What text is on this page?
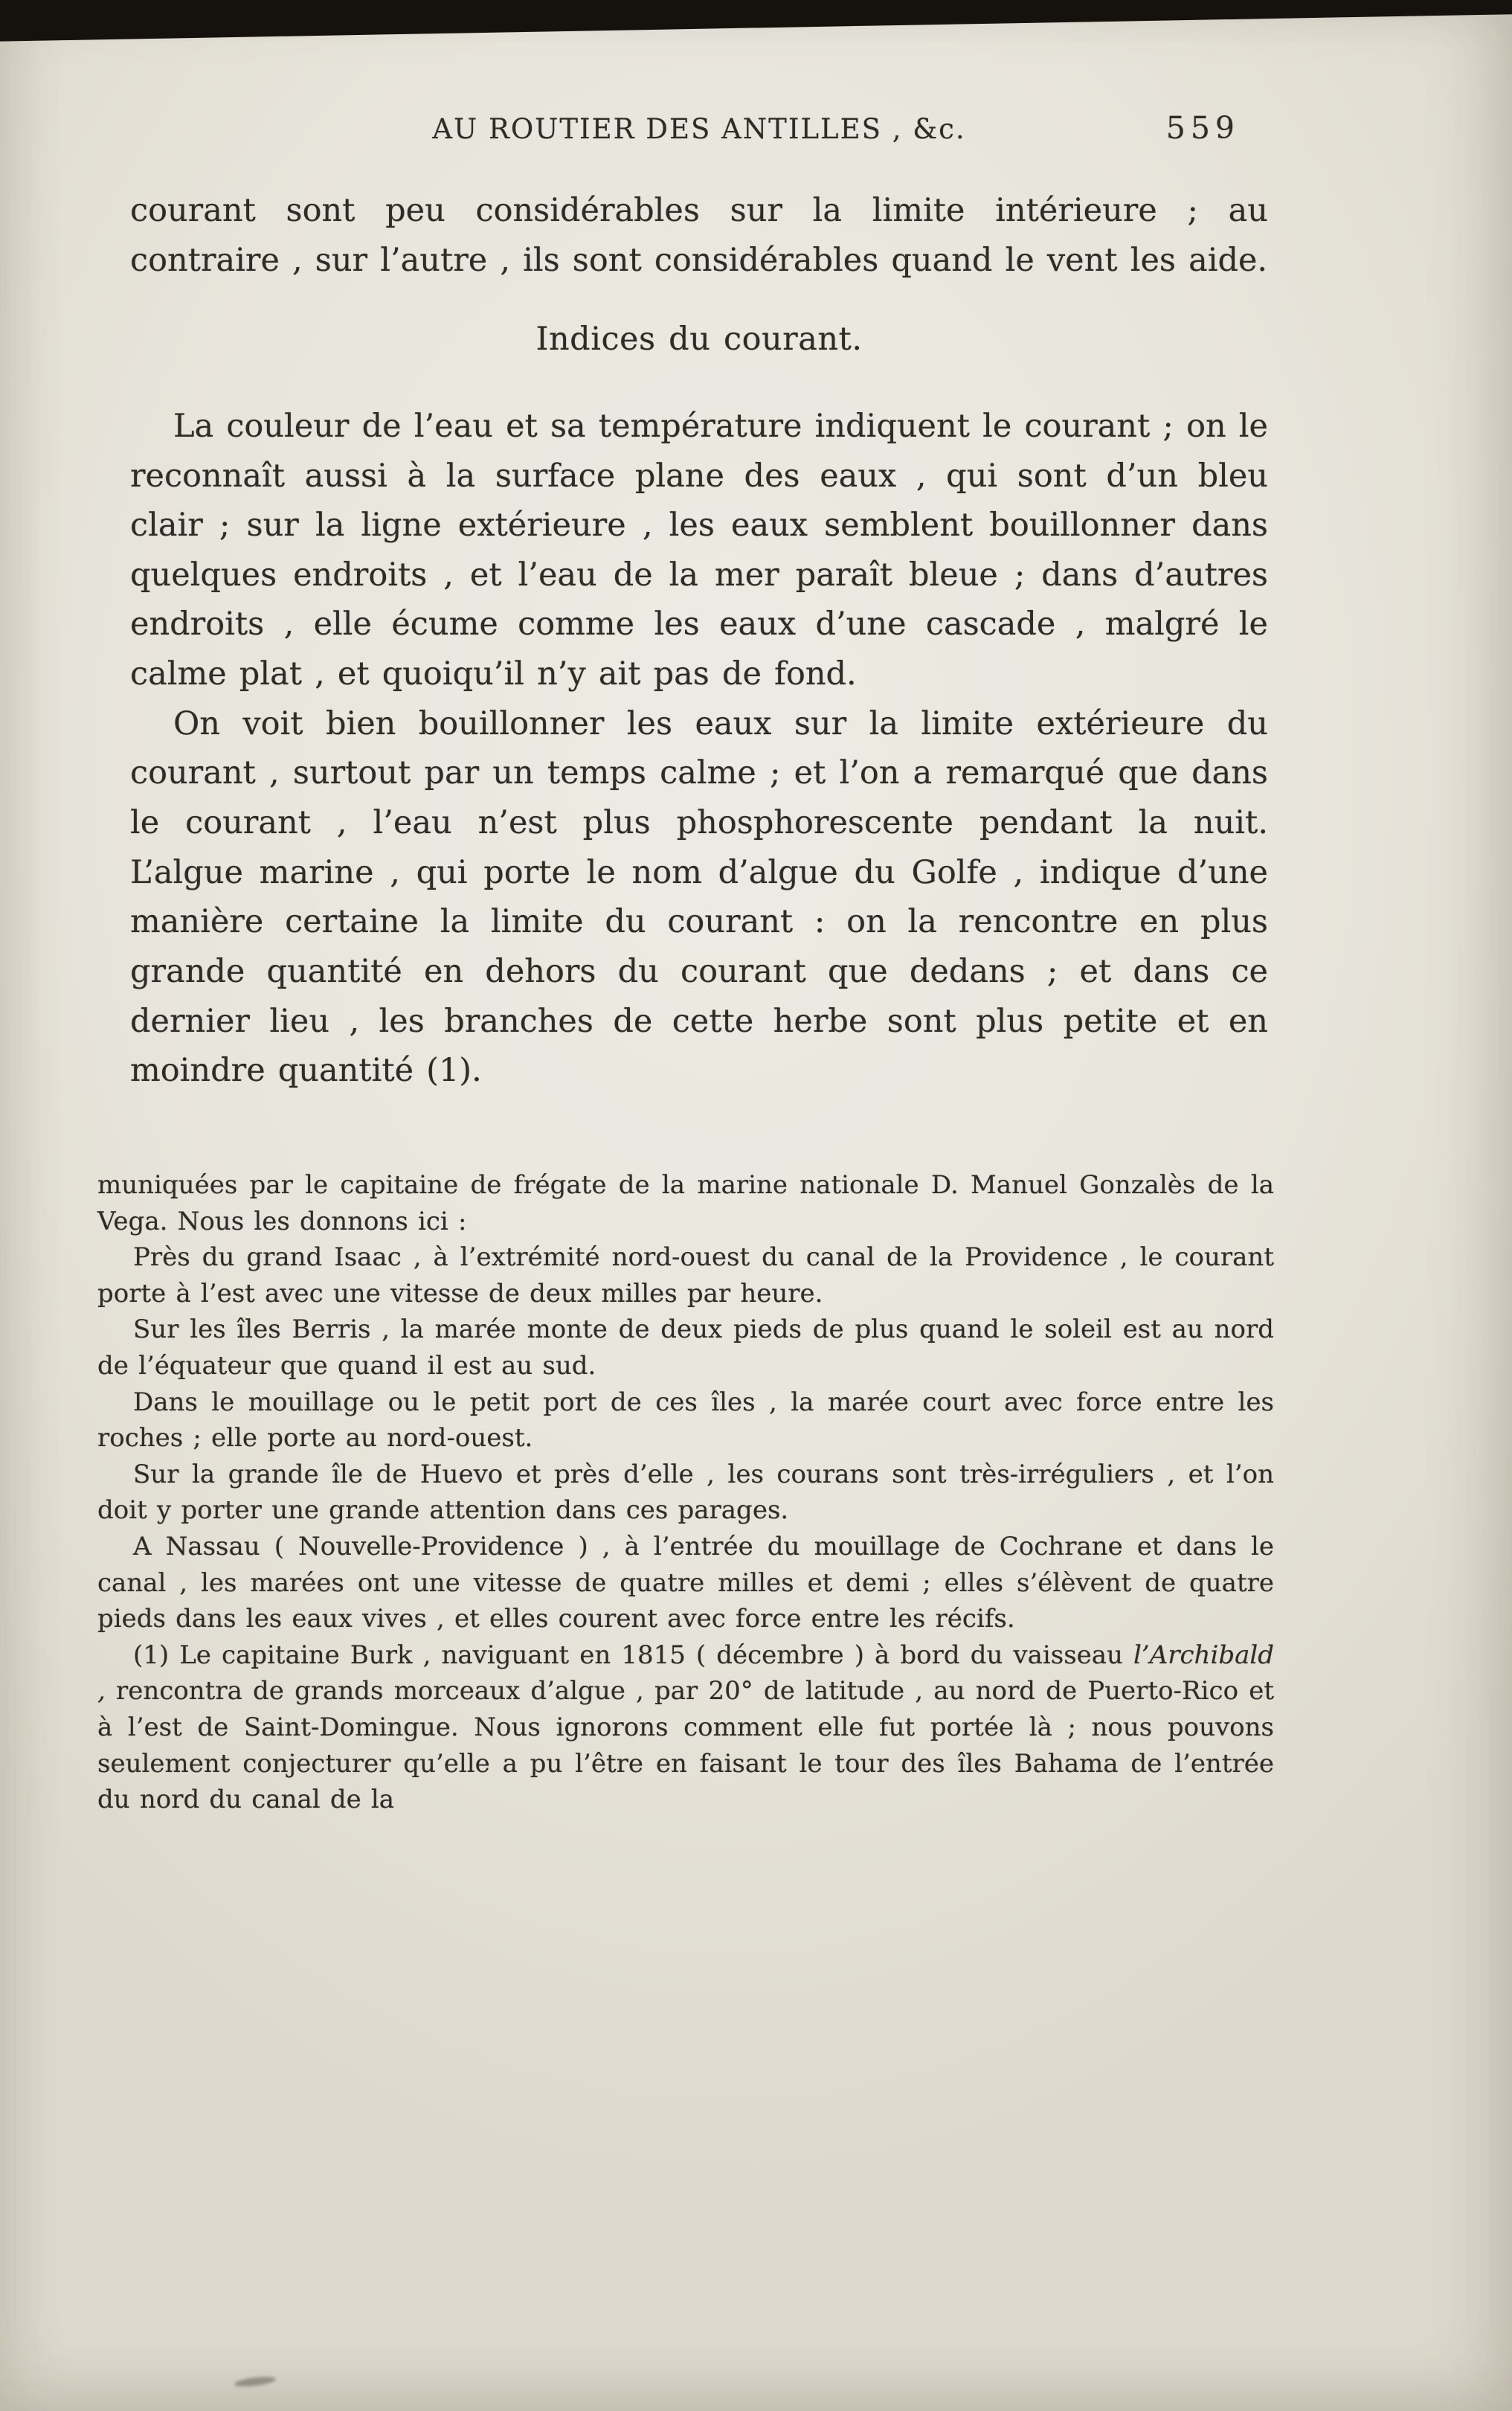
AU ROUTIER DES ANTILLES , &c.	559

courant sont peu considérables sur la limite intérieure ; au contraire , sur l’autre , ils sont considérables quand le vent les aide.

Indices du courant.

La couleur de l’eau et sa température indiquent le courant ; on le reconnaît aussi à la surface plane des eaux , qui sont d’un bleu clair ; sur la ligne extérieure , les eaux semblent bouillonner dans quelques endroits , et l’eau de la mer paraît bleue ; dans d’autres endroits , elle écume comme les eaux d’une cascade , malgré le calme plat , et quoiqu’il n’y ait pas de fond.

On voit bien bouillonner les eaux sur la limite extérieure du courant , surtout par un temps calme ; et l’on a remarqué que dans le courant , l’eau n’est plus phosphorescente pendant la nuit. L’algue marine , qui porte le nom d’algue du Golfe , indique d’une manière certaine la limite du courant : on la rencontre en plus grande quantité en dehors du courant que dedans ; et dans ce dernier lieu , les branches de cette herbe sont plus petite et en moindre quantité (1).

muniquées par le capitaine de frégate de la marine nationale D. Manuel Gonzalès de la Vega. Nous les donnons ici :

Près du grand Isaac , à l’extrémité nord-ouest du canal de la Providence , le courant porte à l’est avec une vitesse de deux milles par heure.

Sur les îles Berris , la marée monte de deux pieds de plus quand le soleil est au nord de l’équateur que quand il est au sud.

Dans le mouillage ou le petit port de ces îles , la marée court avec force entre les roches ; elle porte au nord-ouest.

Sur la grande île de Huevo et près d’elle , les courans sont très-irréguliers , et l’on doit y porter une grande attention dans ces parages.

A Nassau ( Nouvelle-Providence ) , à l’entrée du mouillage de Cochrane et dans le canal , les marées ont une vitesse de quatre milles et demi ; elles s’élèvent de quatre pieds dans les eaux vives , et elles courent avec force entre les récifs.

(1) Le capitaine Burk , naviguant en 1815 ( décembre ) à bord du vaisseau l’Archibald , rencontra de grands morceaux d’algue , par 20° de latitude , au nord de Puerto-Rico et à l’est de Saint-Domingue. Nous ignorons comment elle fut portée là ; nous pouvons seulement conjecturer qu’elle a pu l’être en faisant le tour des îles Bahama de l’entrée du nord du canal de la
